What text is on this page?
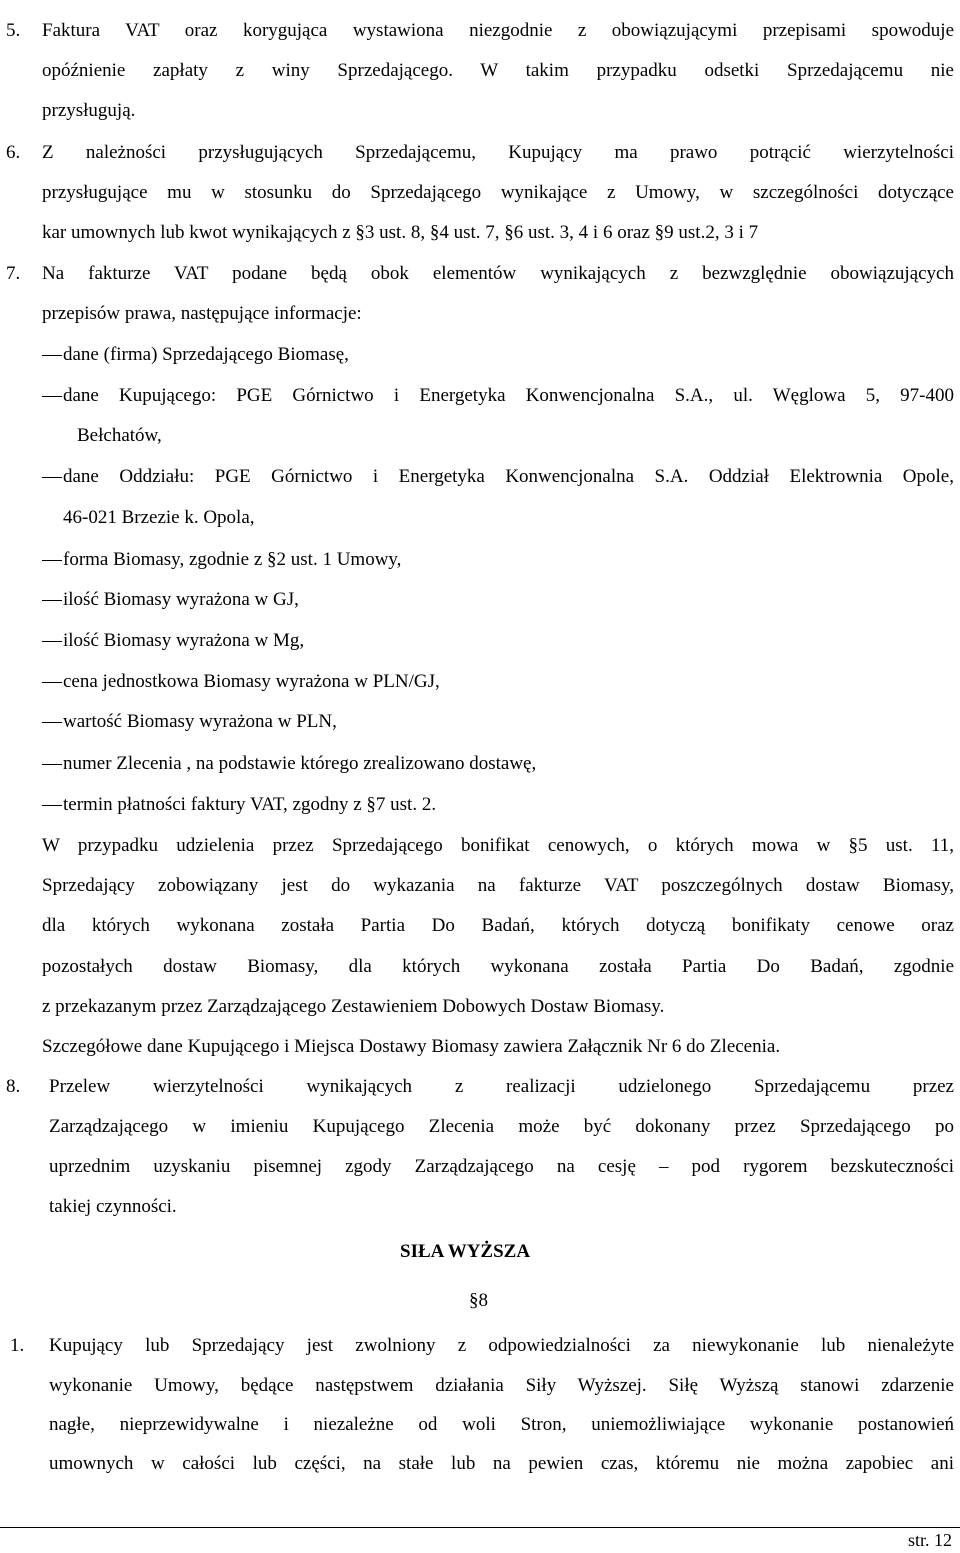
5. Faktura VAT oraz korygująca wystawiona niezgodnie z obowiązującymi przepisami spowoduje
opóźnienie zapłaty z winy Sprzedającego. W takim przypadku odsetki Sprzedającemu nie
przysługują.
6. Z należności przysługujących Sprzedającemu, Kupujący ma prawo potrącić wierzytelności
przysługujące mu w stosunku do Sprzedającego wynikające z Umowy, w szczególności dotyczące
kar umownych lub kwot wynikających z §3 ust. 8, §4 ust. 7, §6 ust. 3, 4 i 6 oraz §9 ust.2, 3 i 7
7. Na fakturze VAT podane będą obok elementów wynikających z bezwzględnie obowiązujących
przepisów prawa, następujące informacje:
dane (firma) Sprzedającego Biomasę,
dane Kupującego: PGE Górnictwo i Energetyka Konwencjonalna S.A., ul. Węglowa 5, 97-400
Bełchatów,
dane Oddziału: PGE Górnictwo i Energetyka Konwencjonalna S.A. Oddział Elektrownia Opole,
46-021 Brzezie k. Opola,
forma Biomasy, zgodnie z §2 ust. 1 Umowy,
ilość Biomasy wyrażona w GJ,
ilość Biomasy wyrażona w Mg,
cena jednostkowa Biomasy wyrażona w PLN/GJ,
wartość Biomasy wyrażona w PLN,
numer Zlecenia , na podstawie którego zrealizowano dostawę,
termin płatności faktury VAT, zgodny z §7 ust. 2.
W przypadku udzielenia przez Sprzedającego bonifikat cenowych, o których mowa w §5 ust. 11,
Sprzedający zobowiązany jest do wykazania na fakturze VAT poszczególnych dostaw Biomasy,
dla których wykonana została Partia Do Badań, których dotyczą bonifikaty cenowe oraz
pozostałych dostaw Biomasy, dla których wykonana została Partia Do Badań, zgodnie
z przekazanym przez Zarządzającego Zestawieniem Dobowych Dostaw Biomasy.
Szczegółowe dane Kupującego i Miejsca Dostawy Biomasy zawiera Załącznik Nr 6 do Zlecenia.
8. Przelew wierzytelności wynikających z realizacji udzielonego Sprzedającemu przez
Zarządzającego w imieniu Kupującego Zlecenia może być dokonany przez Sprzedającego po
uprzednim uzyskaniu pisemnej zgody Zarządzającego na cesję – pod rygorem bezskuteczności
takiej czynności.
SIŁA WYŻSZA
§8
1. Kupujący lub Sprzedający jest zwolniony z odpowiedzialności za niewykonanie lub nienależyte
wykonanie Umowy, będące następstwem działania Siły Wyższej. Siłę Wyższą stanowi zdarzenie
nagłe, nieprzewidywalne i niezależne od woli Stron, uniemożliwiające wykonanie postanowień
umownych w całości lub części, na stałe lub na pewien czas, któremu nie można zapobiec ani
str. 12
